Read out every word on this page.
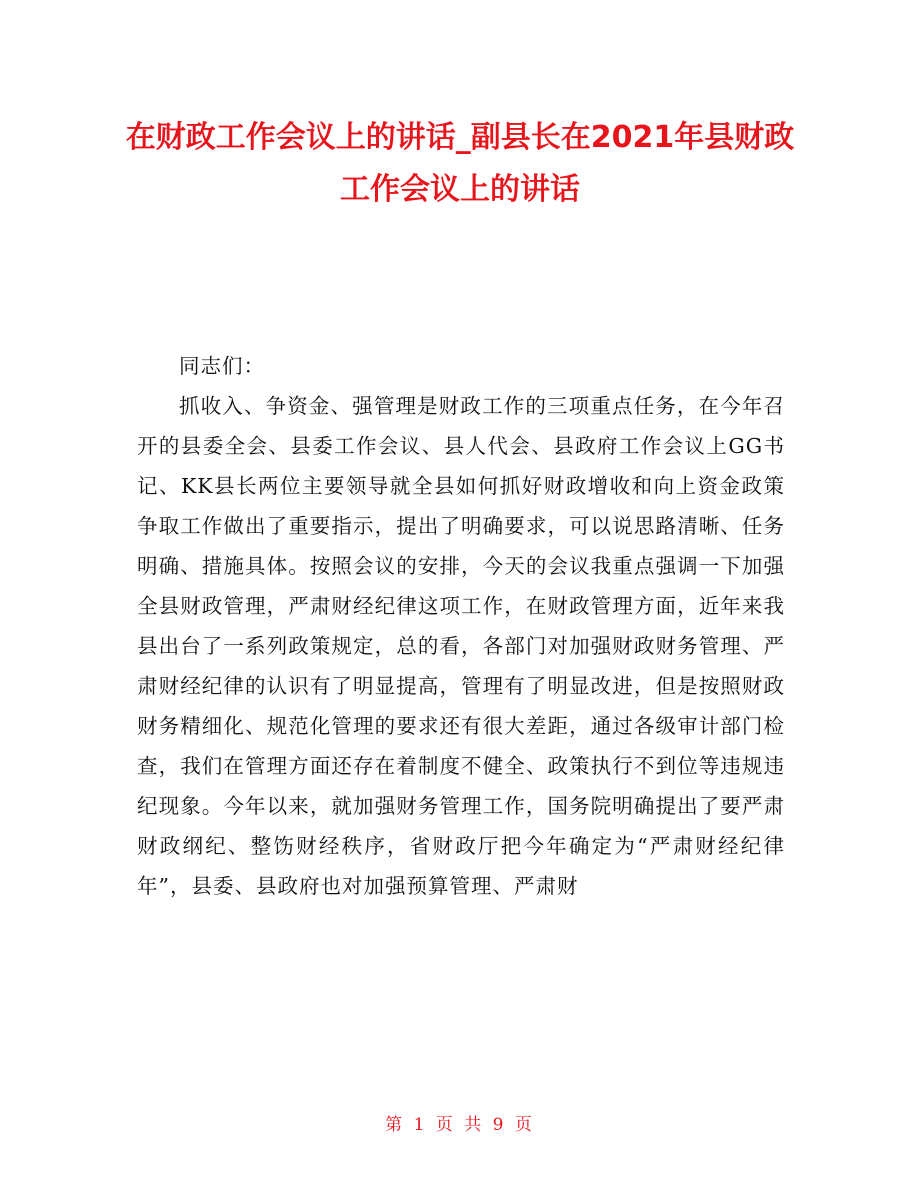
在财政工作会议上的讲话_副县长在2021年县财政工作会议上的讲话

同志们：

抓收入、争资金、强管理是财政工作的三项重点任务，在今年召开的县委全会、县委工作会议、县人代会、县政府工作会议上GG书记、KK县长两位主要领导就全县如何抓好财政增收和向上资金政策争取工作做出了重要指示，提出了明确要求，可以说思路清晰、任务明确、措施具体。按照会议的安排，今天的会议我重点强调一下加强全县财政管理，严肃财经纪律这项工作，在财政管理方面，近年来我县出台了一系列政策规定，总的看，各部门对加强财政财务管理、严肃财经纪律的认识有了明显提高，管理有了明显改进，但是按照财政财务精细化、规范化管理的要求还有很大差距，通过各级审计部门检查，我们在管理方面还存在着制度不健全、政策执行不到位等违规违纪现象。今年以来，就加强财务管理工作，国务院明确提出了要严肃财政纲纪、整饬财经秩序，省财政厅把今年确定为“严肃财经纪律年”，县委、县政府也对加强预算管理、严肃财

第 1 页 共 9 页
